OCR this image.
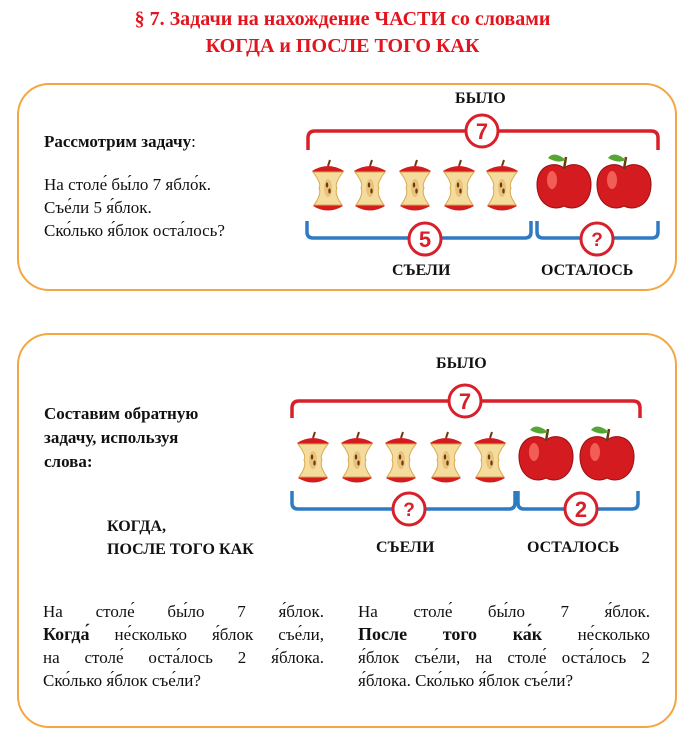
§ 7. Задачи на нахождение ЧАСТИ со словами
КОГДА и ПОСЛЕ ТОГО КАК
Рассмотрим задачу:
На столе́ бы́ло 7 ябло́к.
Съе́ли 5 я́блок.
Ско́лько я́блок оста́лось?
БЫЛО
СЪЕЛИ	ОСТАЛОСЬ
7
5	?
Составим обратную
задачу, используя
слова:
КОГДА,
ПОСЛЕ ТОГО КАК
БЫЛО
СЪЕЛИ	ОСТАЛОСЬ
7
?	2
На столе́ бы́ло 7 я́блок.
Когда́ не́сколько я́блок съе́ли,
на столе́ оста́лось 2 я́блока.
Ско́лько я́блок съе́ли?
На столе́ бы́ло 7 я́блок.
После того ка́к не́сколько
я́блок съе́ли, на столе́ оста́лось 2
я́блока. Ско́лько я́блок съе́ли?
